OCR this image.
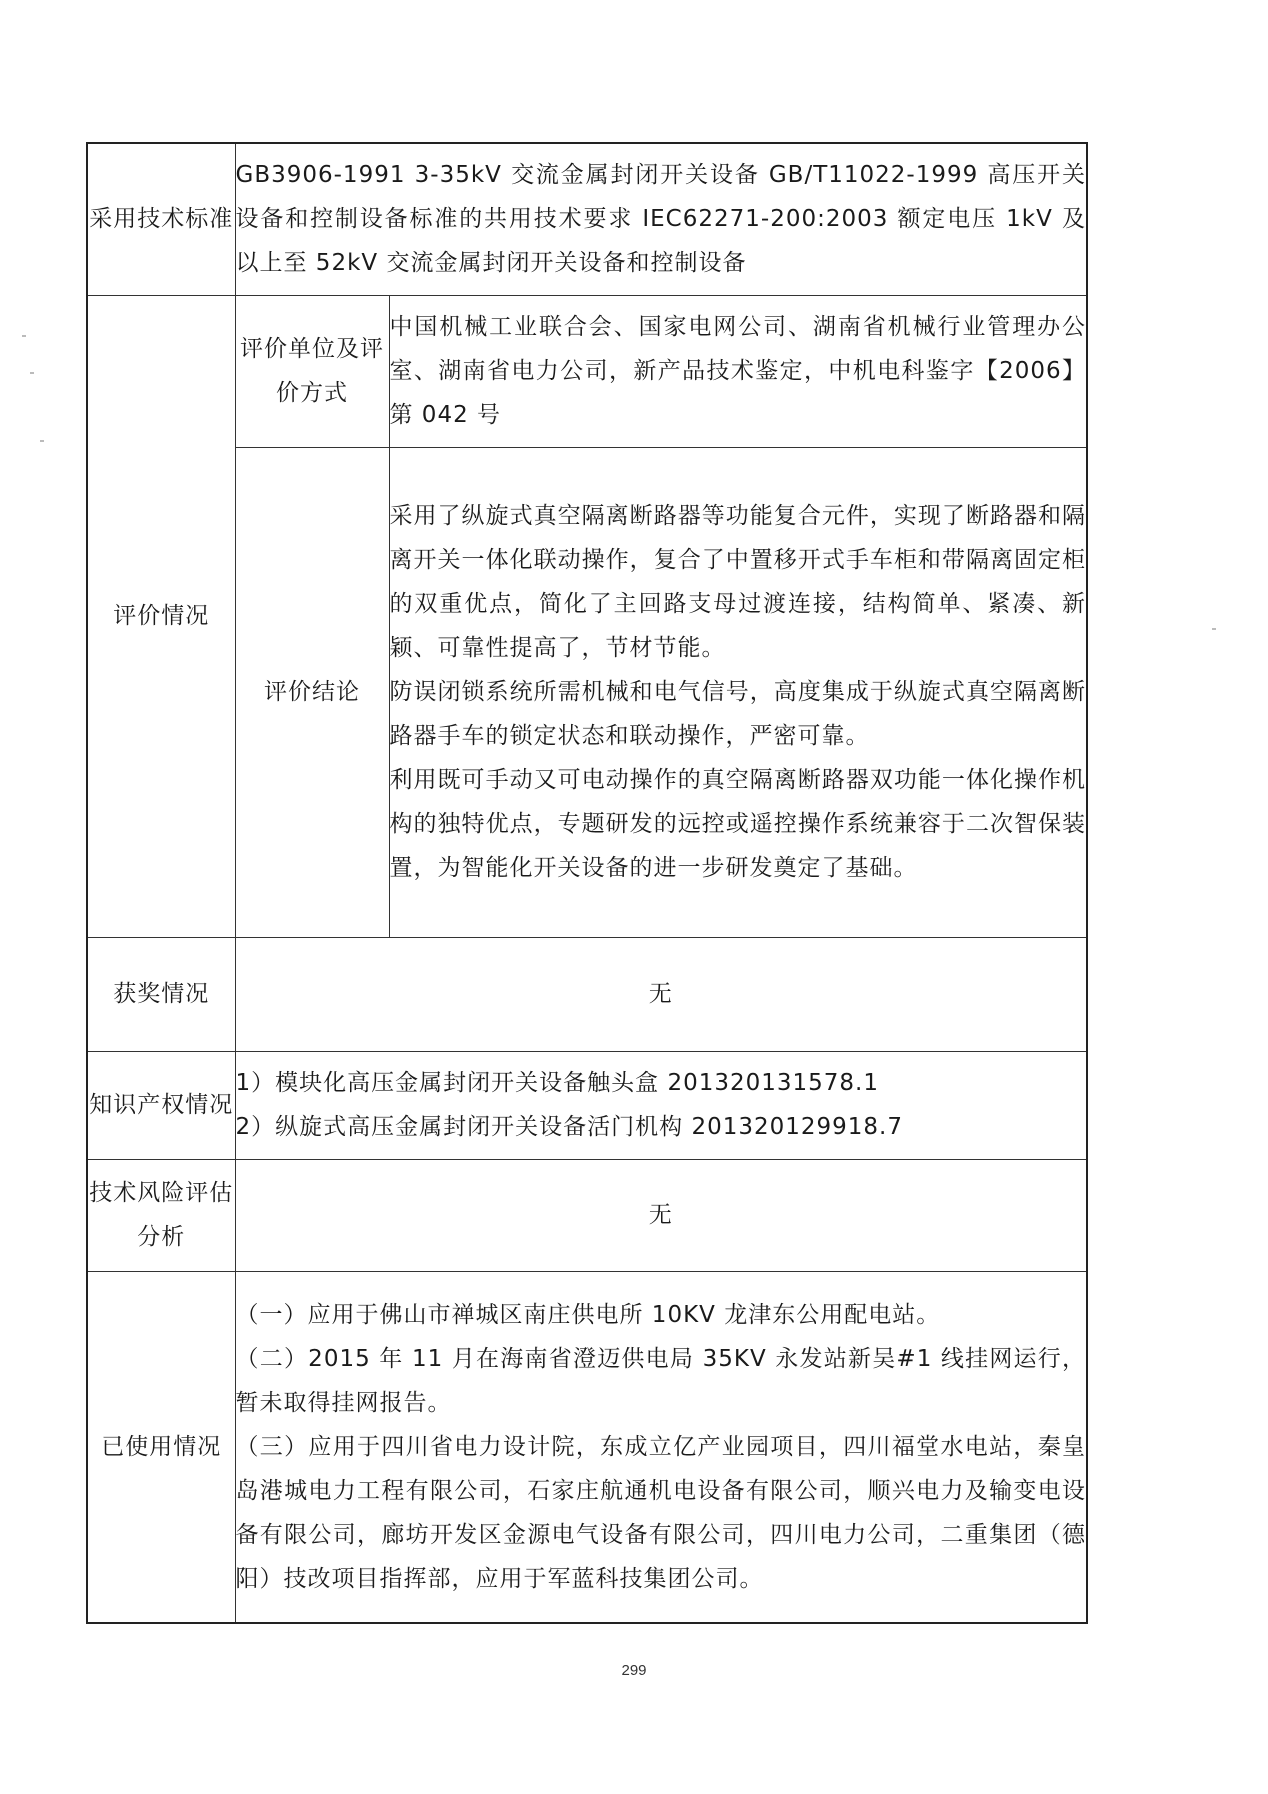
采用技术标准	GB3906-1991 3-35kV 交流金属封闭开关设备 GB/T11022-1999 高压开关设备和控制设备标准的共用技术要求 IEC62271-200:2003 额定电压 1kV 及以上至 52kV 交流金属封闭开关设备和控制设备	
评价情况	评价单位及评价方式	中国机械工业联合会、国家电网公司、湖南省机械行业管理办公室、湖南省电力公司，新产品技术鉴定，中机电科鉴字【2006】第 042 号
	评价结论	采用了纵旋式真空隔离断路器等功能复合元件，实现了断路器和隔离开关一体化联动操作，复合了中置移开式手车柜和带隔离固定柜的双重优点，简化了主回路支母过渡连接，结构简单、紧凑、新颖、可靠性提高了，节材节能。
防误闭锁系统所需机械和电气信号，高度集成于纵旋式真空隔离断路器手车的锁定状态和联动操作，严密可靠。
利用既可手动又可电动操作的真空隔离断路器双功能一体化操作机构的独特优点，专题研发的远控或遥控操作系统兼容于二次智保装置，为智能化开关设备的进一步研发奠定了基础。

获奖情况	无	
知识产权情况	1）模块化高压金属封闭开关设备触头盒 201320131578.1
2）纵旋式高压金属封闭开关设备活门机构 201320129918.7	

技术风险评估分析	无	
已使用情况	（一）应用于佛山市禅城区南庄供电所 10KV 龙津东公用配电站。
（二）2015 年 11 月在海南省澄迈供电局 35KV 永发站新吴#1 线挂网运行，暂未取得挂网报告。
（三）应用于四川省电力设计院，东成立亿产业园项目，四川福堂水电站，秦皇岛港城电力工程有限公司，石家庄航通机电设备有限公司，顺兴电力及输变电设备有限公司，廊坊开发区金源电气设备有限公司，四川电力公司，二重集团（德阳）技改项目指挥部，应用于军蓝科技集团公司。	
299
